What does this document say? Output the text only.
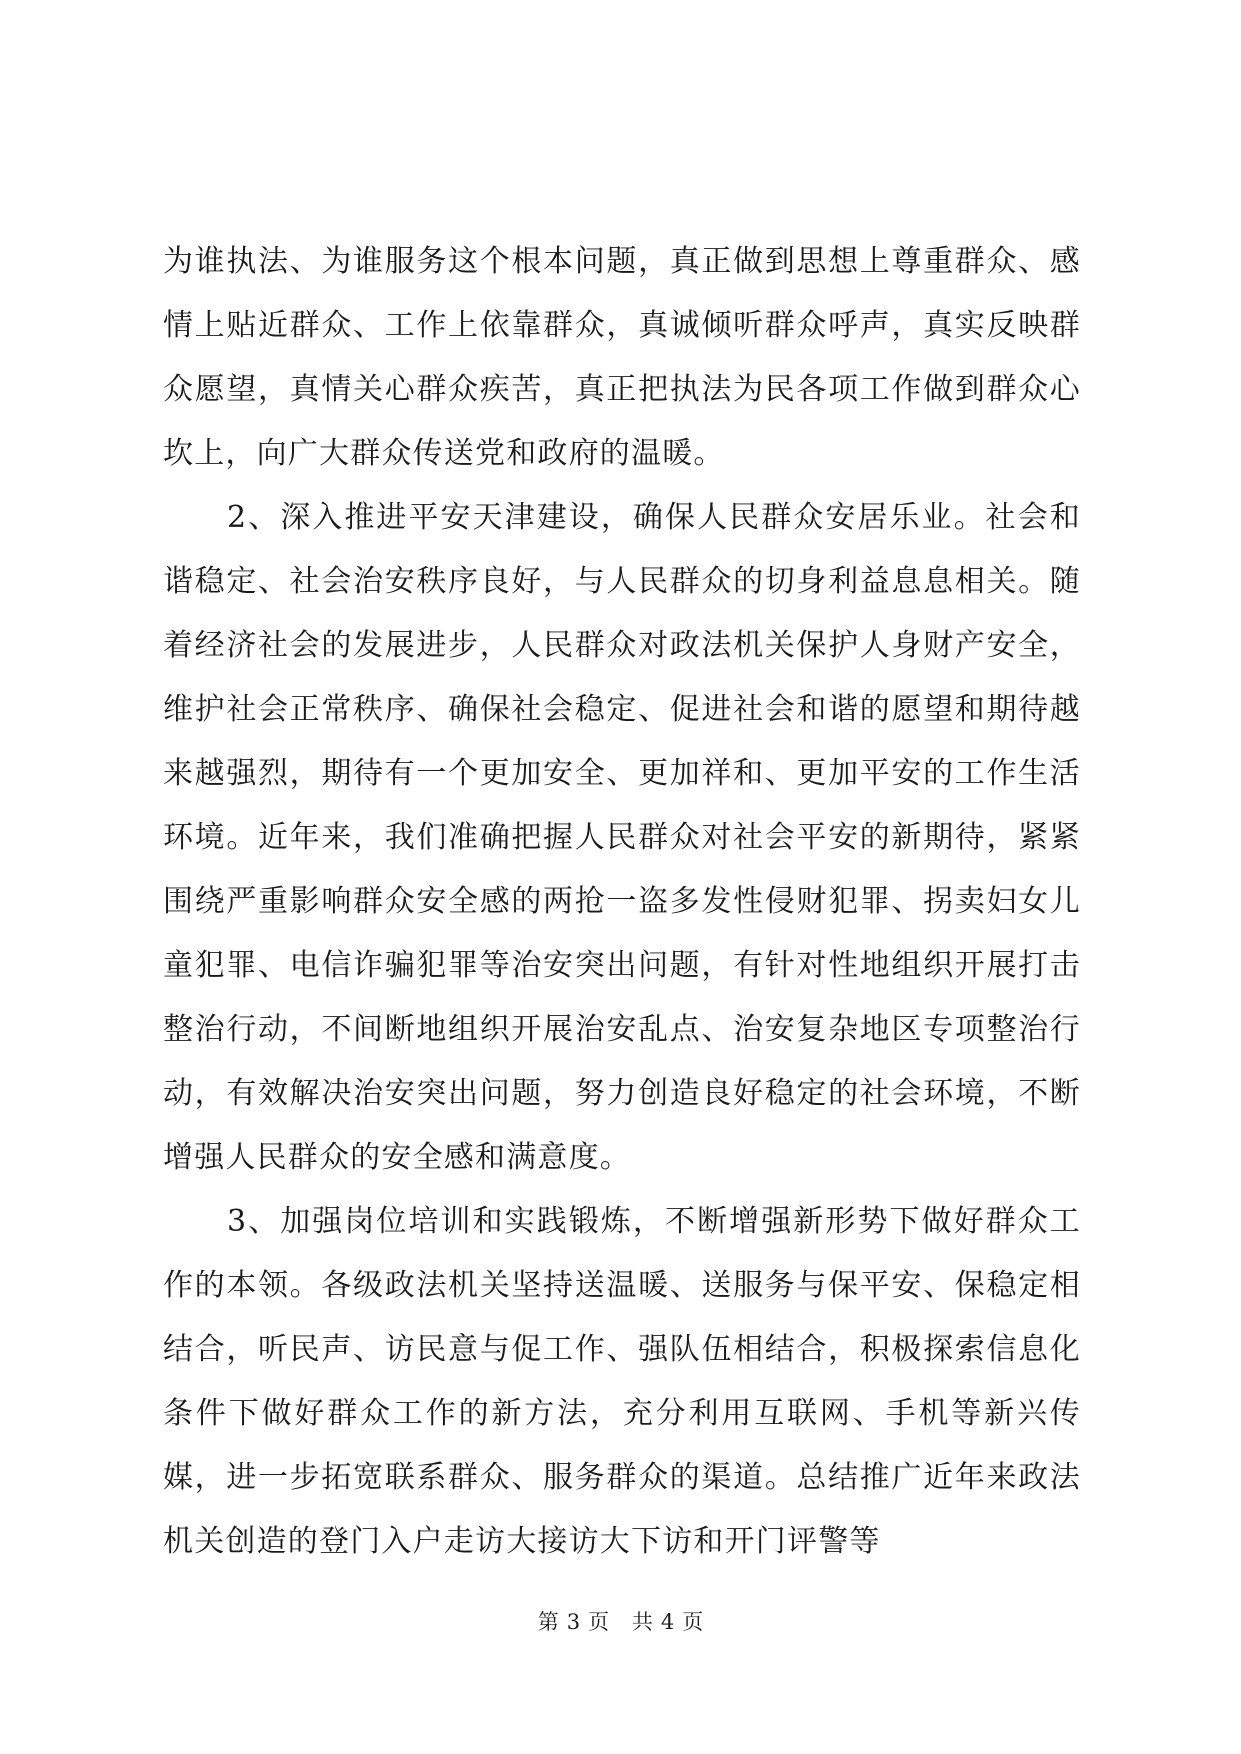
为谁执法、为谁服务这个根本问题，真正做到思想上尊重群众、感情上贴近群众、工作上依靠群众，真诚倾听群众呼声，真实反映群众愿望，真情关心群众疾苦，真正把执法为民各项工作做到群众心坎上，向广大群众传送党和政府的温暖。

2、深入推进平安天津建设，确保人民群众安居乐业。社会和谐稳定、社会治安秩序良好，与人民群众的切身利益息息相关。随着经济社会的发展进步，人民群众对政法机关保护人身财产安全，维护社会正常秩序、确保社会稳定、促进社会和谐的愿望和期待越来越强烈，期待有一个更加安全、更加祥和、更加平安的工作生活环境。近年来，我们准确把握人民群众对社会平安的新期待，紧紧围绕严重影响群众安全感的两抢一盗多发性侵财犯罪、拐卖妇女儿童犯罪、电信诈骗犯罪等治安突出问题，有针对性地组织开展打击整治行动，不间断地组织开展治安乱点、治安复杂地区专项整治行动，有效解决治安突出问题，努力创造良好稳定的社会环境，不断增强人民群众的安全感和满意度。

3、加强岗位培训和实践锻炼，不断增强新形势下做好群众工作的本领。各级政法机关坚持送温暖、送服务与保平安、保稳定相结合，听民声、访民意与促工作、强队伍相结合，积极探索信息化条件下做好群众工作的新方法，充分利用互联网、手机等新兴传媒，进一步拓宽联系群众、服务群众的渠道。总结推广近年来政法机关创造的登门入户走访大接访大下访和开门评警等

第 3 页 共 4 页
